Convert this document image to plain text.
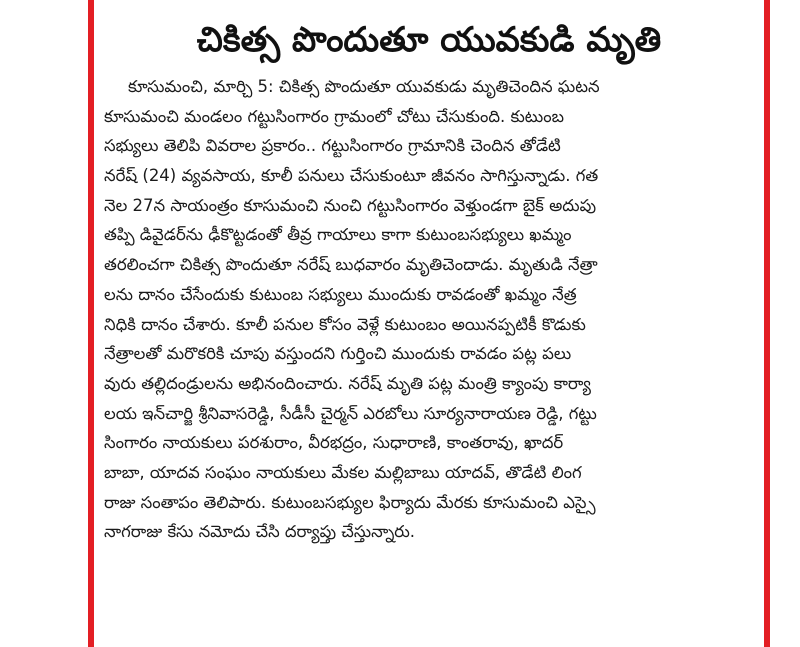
చికిత్స పొందుతూ యువకుడి మృతి
కూసుమంచి, మార్చి 5: చికిత్స పొందుతూ యువకుడు మృతిచెందిన ఘటన
కూసుమంచి మండలం గట్టుసింగారం గ్రామంలో చోటు చేసుకుంది. కుటుంబ
సభ్యులు తెలిపి వివరాల ప్రకారం.. గట్టుసింగారం గ్రామానికి చెందిన తోడేటి
నరేష్ (24) వ్యవసాయ, కూలీ పనులు చేసుకుంటూ జీవనం సాగిస్తున్నాడు. గత
నెల 27న సాయంత్రం కూసుమంచి నుంచి గట్టుసింగారం వెళ్తుండగా బైక్ అదుపు
తప్పి డివైడర్‌ను ఢీకొట్టడంతో తీవ్ర గాయాలు కాగా కుటుంబసభ్యులు ఖమ్మం
తరలించగా చికిత్స పొందుతూ నరేష్ బుధవారం మృతిచెందాడు. మృతుడి నేత్రా
లను దానం చేసేందుకు కుటుంబ సభ్యులు ముందుకు రావడంతో ఖమ్మం నేత్ర
నిధికి దానం చేశారు. కూలీ పనుల కోసం వెళ్లే కుటుంబం అయినప్పటికీ కొడుకు
నేత్రాలతో మరొకరికి చూపు వస్తుందని గుర్తించి ముందుకు రావడం పట్ల పలు
వురు తల్లిదండ్రులను అభినందించారు. నరేష్ మృతి పట్ల మంత్రి క్యాంపు కార్యా
లయ ఇన్‌చార్జి శ్రీనివాసరెడ్డి, సీడీసీ చైర్మన్ ఎరబోలు సూర్యనారాయణ రెడ్డి, గట్టు
సింగారం నాయకులు పరశురాం, వీరభద్రం, సుధారాణి, కాంతరావు, ఖాదర్
బాబా, యాదవ సంఘం నాయకులు మేకల మల్లిబాబు యాదవ్, తొడేటి లింగ
రాజు సంతాపం తెలిపారు. కుటుంబసభ్యుల ఫిర్యాదు మేరకు కూసుమంచి ఎస్సై
నాగరాజు కేసు నమోదు చేసి దర్యాప్తు చేస్తున్నారు.
